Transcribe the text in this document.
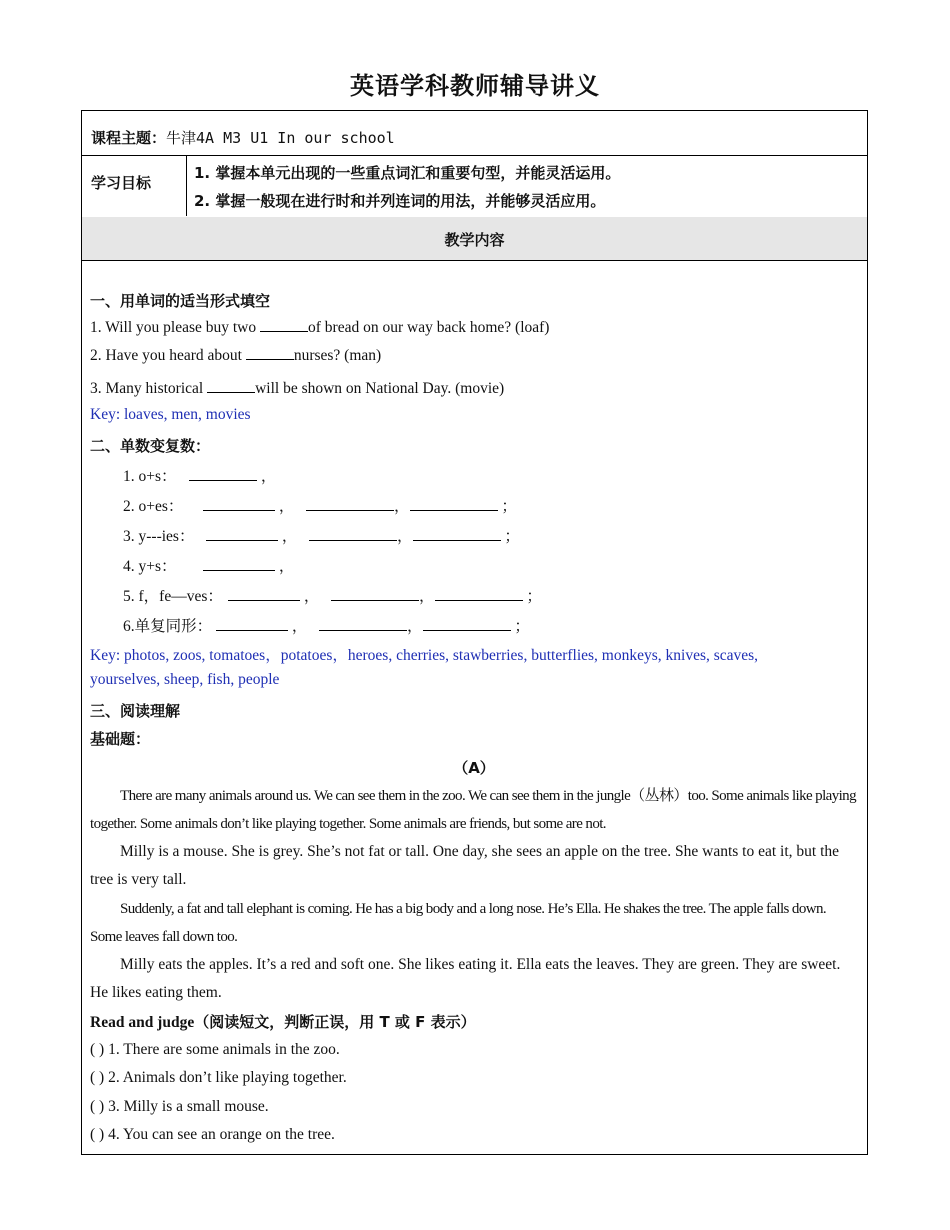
英语学科教师辅导讲义
课程主题：牛津4A M3 U1 In our school
学习目标
1. 掌握本单元出现的一些重点词汇和重要句型，并能灵活运用。
2. 掌握一般现在进行时和并列连词的用法，并能够灵活应用。
教学内容
一、用单词的适当形式填空
1. Will you please buy two	of bread on our way back home? (loaf)
2. Have you heard about	nurses? (man)
3. Many historical	will be shown on National Day. (movie)
Key: loaves, men, movies
二、单数变复数：
1. o+s：	，
2. o+es：	，	，	；
3. y---ies：	，	，	；
4. y+s：	，
5. f，fe—ves：	，	，	；
6.单复同形：	，	，	；
Key: photos, zoos, tomatoes，potatoes，heroes, cherries, stawberries, butterflies, monkeys, knives, scaves,
yourselves, sheep, fish, people
三、阅读理解
基础题：
（A）
There are many animals around us. We can see them in the zoo. We can see them in the jungle（丛林）too. Some animals like playing together. Some animals don’t like playing together. Some animals are friends, but some are not.
Milly is a mouse. She is grey. She’s not fat or tall. One day, she sees an apple on the tree. She wants to eat it, but the tree is very tall.
Suddenly, a fat and tall elephant is coming. He has a big body and a long nose. He’s Ella. He shakes the tree. The apple falls down. Some leaves fall down too.
Milly eats the apples. It’s a red and soft one. She likes eating it. Ella eats the leaves. They are green. They are sweet. He likes eating them.
Read and judge（阅读短文，判断正误，用 T 或 F 表示）
( ) 1. There are some animals in the zoo.
( ) 2. Animals don’t like playing together.
( ) 3. Milly is a small mouse.
( ) 4. You can see an orange on the tree.
